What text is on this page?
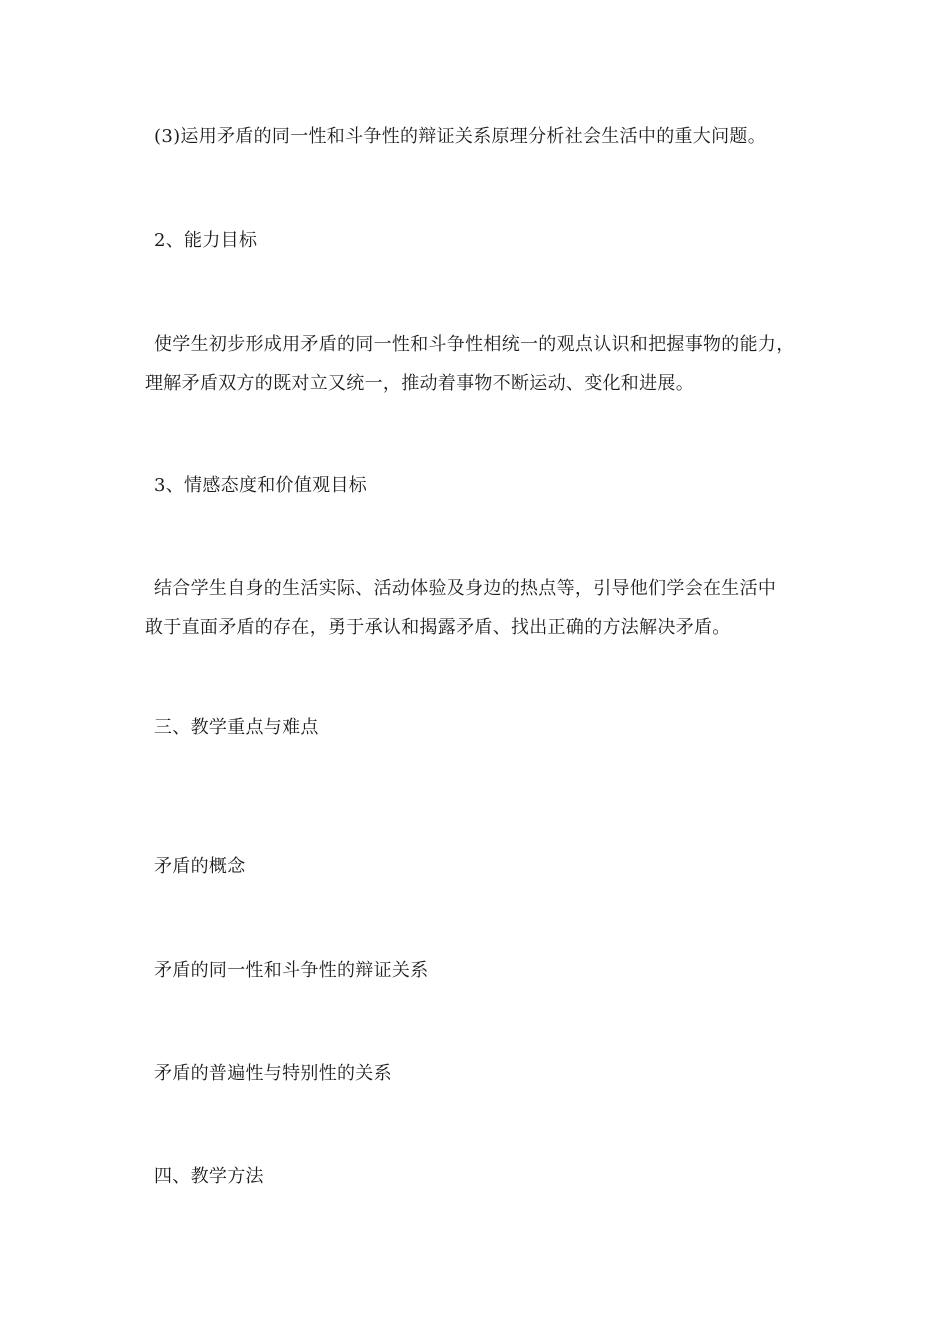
(3)运用矛盾的同一性和斗争性的辩证关系原理分析社会生活中的重大问题。
2、能力目标
使学生初步形成用矛盾的同一性和斗争性相统一的观点认识和把握事物的能力，
理解矛盾双方的既对立又统一，推动着事物不断运动、变化和进展。
3、情感态度和价值观目标
结合学生自身的生活实际、活动体验及身边的热点等，引导他们学会在生活中
敢于直面矛盾的存在，勇于承认和揭露矛盾、找出正确的方法解决矛盾。
三、教学重点与难点
矛盾的概念
矛盾的同一性和斗争性的辩证关系
矛盾的普遍性与特别性的关系
四、教学方法
